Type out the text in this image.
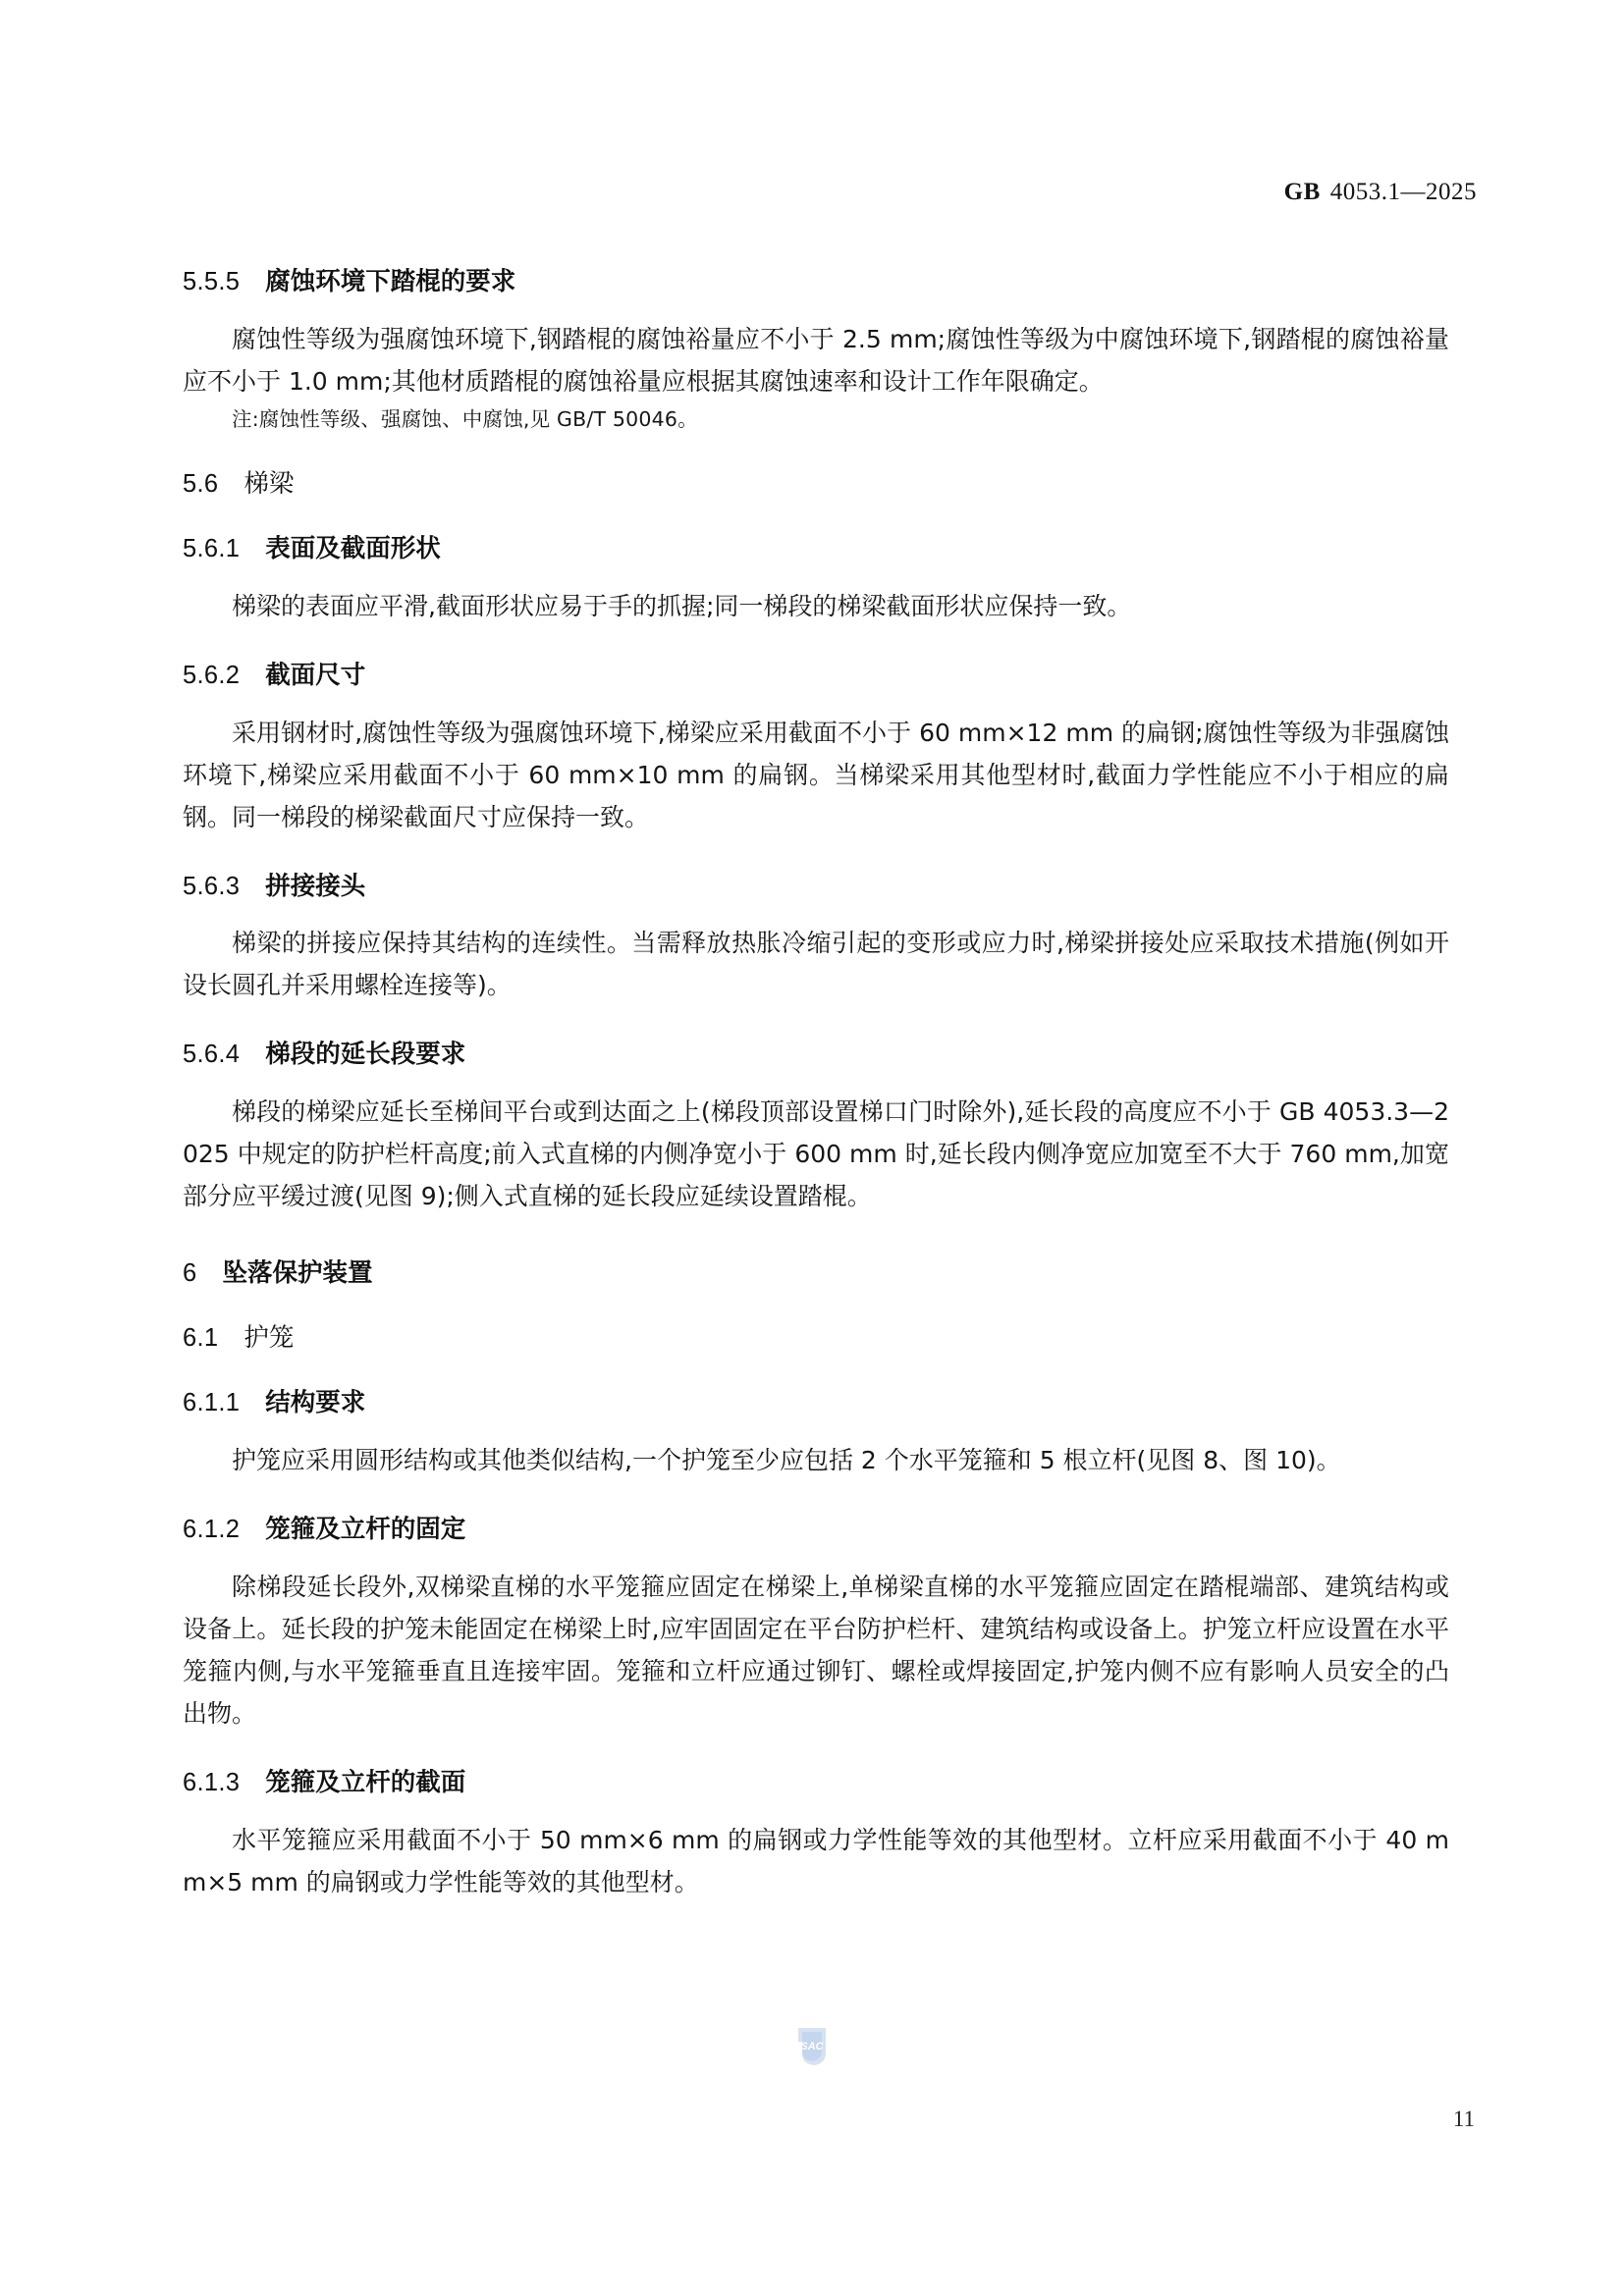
GB 4053.1—2025
5.5.5 腐蚀环境下踏棍的要求

腐蚀性等级为强腐蚀环境下,钢踏棍的腐蚀裕量应不小于 2.5 mm;腐蚀性等级为中腐蚀环境下,钢踏棍的腐蚀裕量应不小于 1.0 mm;其他材质踏棍的腐蚀裕量应根据其腐蚀速率和设计工作年限确定。

注:腐蚀性等级、强腐蚀、中腐蚀,见 GB/T 50046。

5.6 梯梁
5.6.1 表面及截面形状

梯梁的表面应平滑,截面形状应易于手的抓握;同一梯段的梯梁截面形状应保持一致。

5.6.2 截面尺寸

采用钢材时,腐蚀性等级为强腐蚀环境下,梯梁应采用截面不小于 60 mm×12 mm 的扁钢;腐蚀性等级为非强腐蚀环境下,梯梁应采用截面不小于 60 mm×10 mm 的扁钢。当梯梁采用其他型材时,截面力学性能应不小于相应的扁钢。同一梯段的梯梁截面尺寸应保持一致。

5.6.3 拼接接头

梯梁的拼接应保持其结构的连续性。当需释放热胀冷缩引起的变形或应力时,梯梁拼接处应采取技术措施(例如开设长圆孔并采用螺栓连接等)。

5.6.4 梯段的延长段要求

梯段的梯梁应延长至梯间平台或到达面之上(梯段顶部设置梯口门时除外),延长段的高度应不小于 GB 4053.3—2025 中规定的防护栏杆高度;前入式直梯的内侧净宽小于 600 mm 时,延长段内侧净宽应加宽至不大于 760 mm,加宽部分应平缓过渡(见图 9);侧入式直梯的延长段应延续设置踏棍。

6 坠落保护装置
6.1 护笼
6.1.1 结构要求

护笼应采用圆形结构或其他类似结构,一个护笼至少应包括 2 个水平笼箍和 5 根立杆(见图 8、图 10)。

6.1.2 笼箍及立杆的固定

除梯段延长段外,双梯梁直梯的水平笼箍应固定在梯梁上,单梯梁直梯的水平笼箍应固定在踏棍端部、建筑结构或设备上。延长段的护笼未能固定在梯梁上时,应牢固固定在平台防护栏杆、建筑结构或设备上。护笼立杆应设置在水平笼箍内侧,与水平笼箍垂直且连接牢固。笼箍和立杆应通过铆钉、螺栓或焊接固定,护笼内侧不应有影响人员安全的凸出物。

6.1.3 笼箍及立杆的截面

水平笼箍应采用截面不小于 50 mm×6 mm 的扁钢或力学性能等效的其他型材。立杆应采用截面不小于 40 mm×5 mm 的扁钢或力学性能等效的其他型材。

SAC
11
